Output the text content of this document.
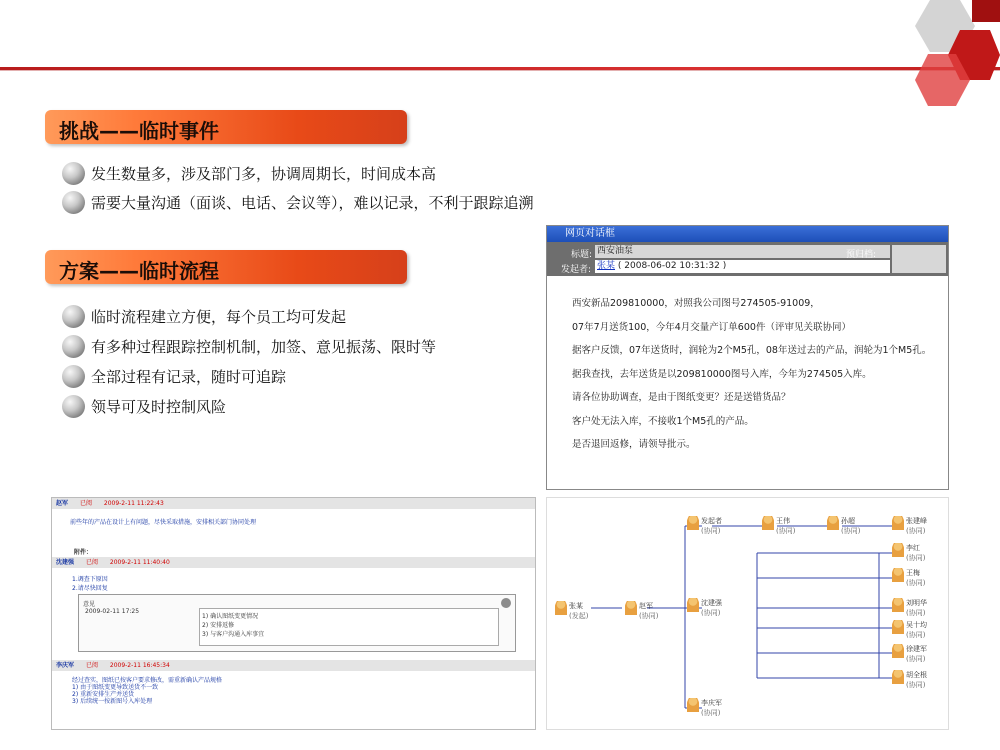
挑战——临时事件
发生数量多，涉及部门多，协调周期长，时间成本高
需要大量沟通（面谈、电话、会议等），难以记录，不利于跟踪追溯
方案——临时流程
临时流程建立方便，每个员工均可发起
有多种过程跟踪控制机制，加签、意见振荡、限时等
全部过程有记录，随时可追踪
领导可及时控制风险
网页对话框
标题: 西安油泵
发起者: 张某 ( 2008-06-02 10:31:32 )
预归档:
关联项目:
西安新品209810000，对照我公司图号274505-91009，
07年7月送货100，今年4月交量产订单600件（评审见关联协同）
据客户反馈，07年送货时，润轮为2个M5孔，08年送过去的产品，润轮为1个M5孔。
据我查找，去年送货是以209810000图号入库，今年为274505入库。
请各位协助调查，是由于图纸变更？还是送错货品？
客户处无法入库，不接收1个M5孔的产品。
是否退回返修，请领导批示。
赵军 已阅 2009-2-11 11:22:43
前些年的产品在设计上有问题，尽快采取措施，安排相关部门协同处理
附件：
沈建强 已阅 2009-2-11 11:40:40
1.调查下原因
2.请尽快回复
意见
2009-02-11 17:25
1) 确认图纸变更情况
2) 安排返修
3) 与客户沟通入库事宜
李庆军 已阅 2009-2-11 16:45:34
经过查实，图纸已按客户要求修改，需重新确认产品规格
1) 由于图纸变更导致送货不一致
2) 重新安排生产并送货
3) 后续统一按新图号入库处理
张某
(发起)
赵军
(协同)
沈建强
(协同)
李庆军
(协同)
发起者
(协同)
王伟
(协同)
孙超
(协同)
张建峰
(协同)
李红
(协同)
王梅
(协同)
刘明华
(协同)
吴十均
(协同)
徐建军
(协同)
胡全根
(协同)
